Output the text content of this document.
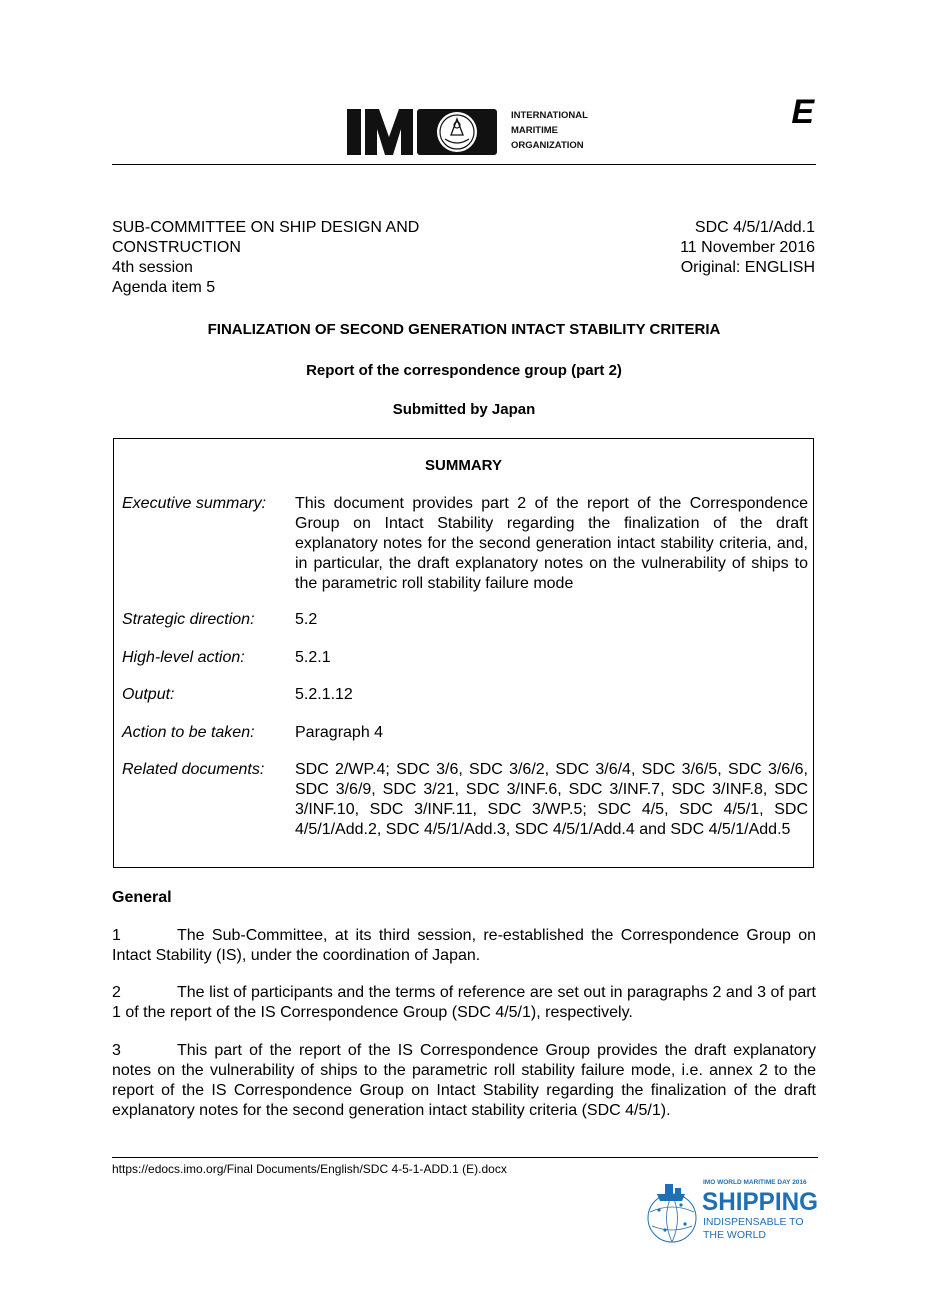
INTERNATIONAL
MARITIME
ORGANIZATION
E
SUB-COMMITTEE ON SHIP DESIGN AND
CONSTRUCTION
4th session
Agenda item 5
SDC 4/5/1/Add.1
11 November 2016
Original: ENGLISH
FINALIZATION OF SECOND GENERATION INTACT STABILITY CRITERIA
Report of the correspondence group (part 2)
Submitted by Japan
SUMMARY
Executive summary:	This document provides part 2 of the report of the Correspondence Group on Intact Stability regarding the finalization of the draft explanatory notes for the second generation intact stability criteria, and, in particular, the draft explanatory notes on the vulnerability of ships to the parametric roll stability failure mode
Strategic direction:	5.2
High-level action:	5.2.1
Output:	5.2.1.12
Action to be taken:	Paragraph 4
Related documents:	SDC 2/WP.4; SDC 3/6, SDC 3/6/2, SDC 3/6/4, SDC 3/6/5, SDC 3/6/6, SDC 3/6/9, SDC 3/21, SDC 3/INF.6, SDC 3/INF.7, SDC 3/INF.8, SDC 3/INF.10, SDC 3/INF.11, SDC 3/WP.5; SDC 4/5, SDC 4/5/1, SDC 4/5/1/Add.2, SDC 4/5/1/Add.3, SDC 4/5/1/Add.4 and SDC 4/5/1/Add.5
General
1	The Sub-Committee, at its third session, re-established the Correspondence Group on Intact Stability (IS), under the coordination of Japan.
2	The list of participants and the terms of reference are set out in paragraphs 2 and 3 of part 1 of the report of the IS Correspondence Group (SDC 4/5/1), respectively.
3	This part of the report of the IS Correspondence Group provides the draft explanatory notes on the vulnerability of ships to the parametric roll stability failure mode, i.e. annex 2 to the report of the IS Correspondence Group on Intact Stability regarding the finalization of the draft explanatory notes for the second generation intact stability criteria (SDC 4/5/1).
https://edocs.imo.org/Final Documents/English/SDC 4-5-1-ADD.1 (E).docx
IMO WORLD MARITIME DAY 2016
SHIPPING
INDISPENSABLE TO
THE WORLD
